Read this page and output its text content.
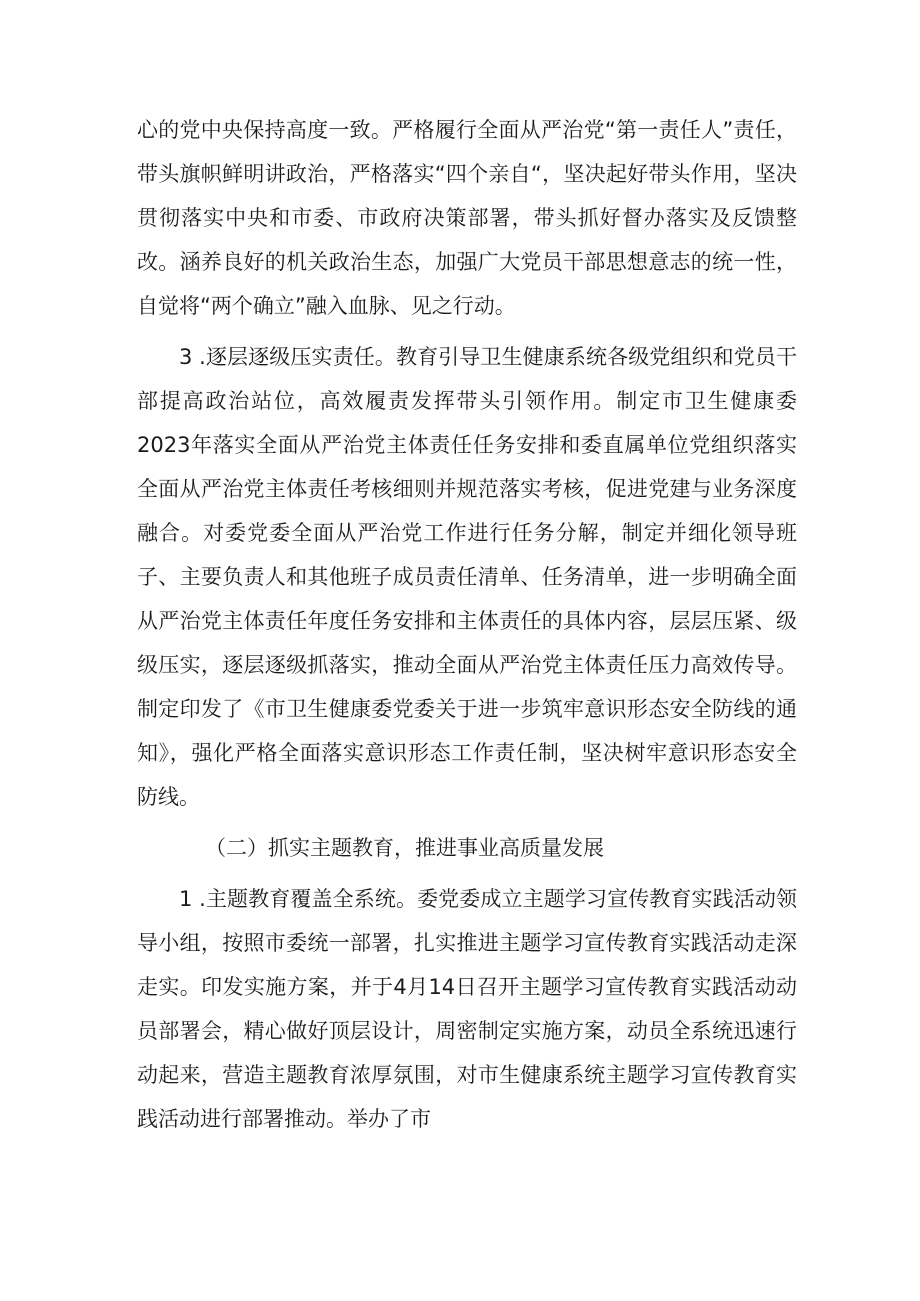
心的党中央保持高度一致。严格履行全面从严治党“第一责任人”责任，带头旗帜鲜明讲政治，严格落实“四个亲自“，坚决起好带头作用，坚决贯彻落实中央和市委、市政府决策部署，带头抓好督办落实及反馈整改。涵养良好的机关政治生态，加强广大党员干部思想意志的统一性，自觉将“两个确立”融入血脉、见之行动。

3 .逐层逐级压实责任。教育引导卫生健康系统各级党组织和党员干部提高政治站位，高效履责发挥带头引领作用。制定市卫生健康委2023年落实全面从严治党主体责任任务安排和委直属单位党组织落实全面从严治党主体责任考核细则并规范落实考核，促进党建与业务深度融合。对委党委全面从严治党工作进行任务分解，制定并细化领导班子、主要负责人和其他班子成员责任清单、任务清单，进一步明确全面从严治党主体责任年度任务安排和主体责任的具体内容，层层压紧、级级压实，逐层逐级抓落实，推动全面从严治党主体责任压力高效传导。制定印发了《市卫生健康委党委关于进一步筑牢意识形态安全防线的通知》，强化严格全面落实意识形态工作责任制，坚决树牢意识形态安全防线。

（二）抓实主题教育，推进事业高质量发展

1 .主题教育覆盖全系统。委党委成立主题学习宣传教育实践活动领导小组，按照市委统一部署，扎实推进主题学习宣传教育实践活动走深走实。印发实施方案，并于4月14日召开主题学习宣传教育实践活动动员部署会，精心做好顶层设计，周密制定实施方案，动员全系统迅速行动起来，营造主题教育浓厚氛围，对市生健康系统主题学习宣传教育实践活动进行部署推动。举办了市
